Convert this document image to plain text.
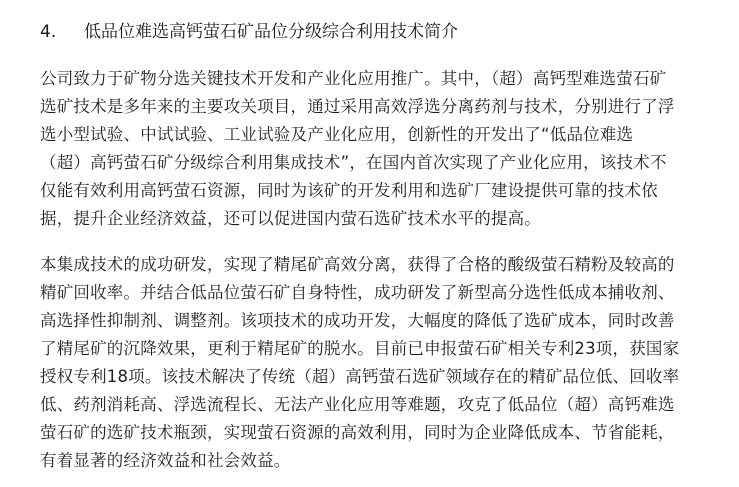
4.	低品位难选高钙萤石矿品位分级综合利用技术简介

公司致力于矿物分选关键技术开发和产业化应用推广。其中，（超）高钙型难选萤石矿
选矿技术是多年来的主要攻关项目，通过采用高效浮选分离药剂与技术，分别进行了浮
选小型试验、中试试验、工业试验及产业化应用，创新性的开发出了“低品位难选
（超）高钙萤石矿分级综合利用集成技术”，在国内首次实现了产业化应用，该技术不
仅能有效利用高钙萤石资源，同时为该矿的开发利用和选矿厂建设提供可靠的技术依
据，提升企业经济效益，还可以促进国内萤石选矿技术水平的提高。

本集成技术的成功研发，实现了精尾矿高效分离，获得了合格的酸级萤石精粉及较高的
精矿回收率。并结合低品位萤石矿自身特性，成功研发了新型高分选性低成本捕收剂、
高选择性抑制剂、调整剂。该项技术的成功开发，大幅度的降低了选矿成本，同时改善
了精尾矿的沉降效果，更利于精尾矿的脱水。目前已申报萤石矿相关专利23项，获国家
授权专利18项。该技术解决了传统（超）高钙萤石选矿领域存在的精矿品位低、回收率
低、药剂消耗高、浮选流程长、无法产业化应用等难题，攻克了低品位（超）高钙难选
萤石矿的选矿技术瓶颈，实现萤石资源的高效利用，同时为企业降低成本、节省能耗，
有着显著的经济效益和社会效益。
